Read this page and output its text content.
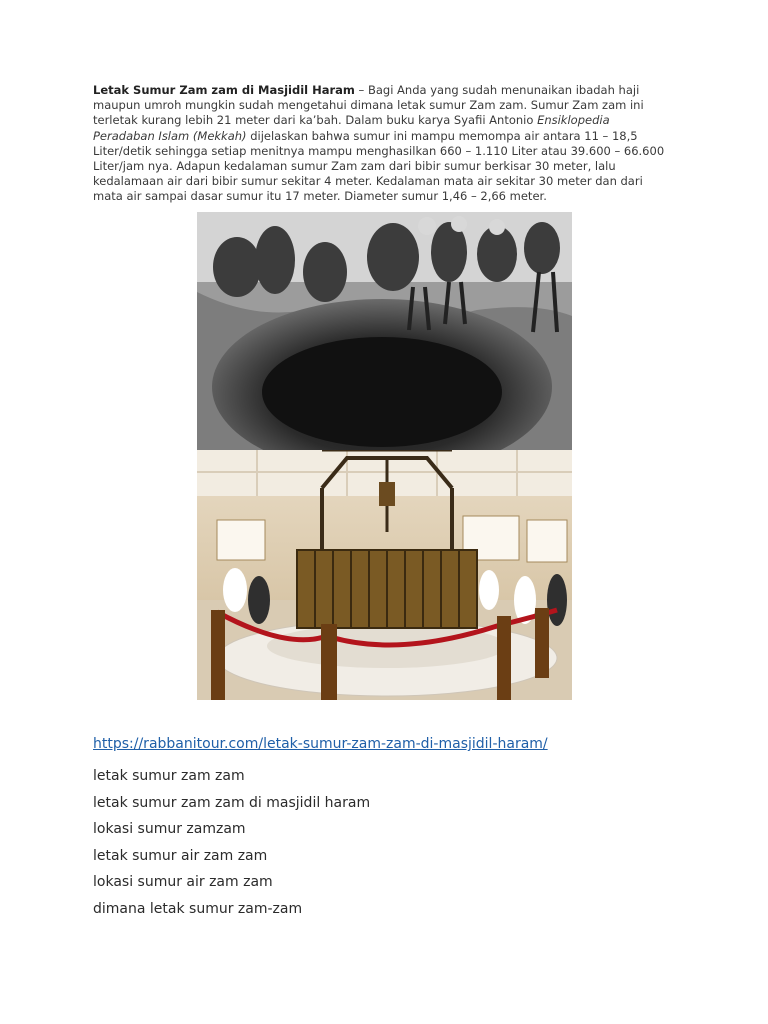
Letak Sumur Zam zam di Masjidil Haram – Bagi Anda yang sudah menunaikan ibadah haji maupun umroh mungkin sudah mengetahui dimana letak sumur Zam zam. Sumur Zam zam ini terletak kurang lebih 21 meter dari ka’bah. Dalam buku karya Syafii Antonio Ensiklopedia Peradaban Islam (Mekkah) dijelaskan bahwa sumur ini mampu memompa air antara 11 – 18,5 Liter/detik sehingga setiap menitnya mampu menghasilkan 660 – 1.110 Liter atau 39.600 – 66.600 Liter/jam nya. Adapun kedalaman sumur Zam zam dari bibir sumur berkisar 30 meter, lalu kedalamaan air dari bibir sumur sekitar 4 meter. Kedalaman mata air sekitar 30 meter dan dari mata air sampai dasar sumur itu 17 meter. Diameter sumur 1,46 – 2,66 meter.
https://rabbanitour.com/letak-sumur-zam-zam-di-masjidil-haram/
letak sumur zam zam
letak sumur zam zam di masjidil haram
lokasi sumur zamzam
letak sumur air zam zam
lokasi sumur air zam zam
dimana letak sumur zam-zam
